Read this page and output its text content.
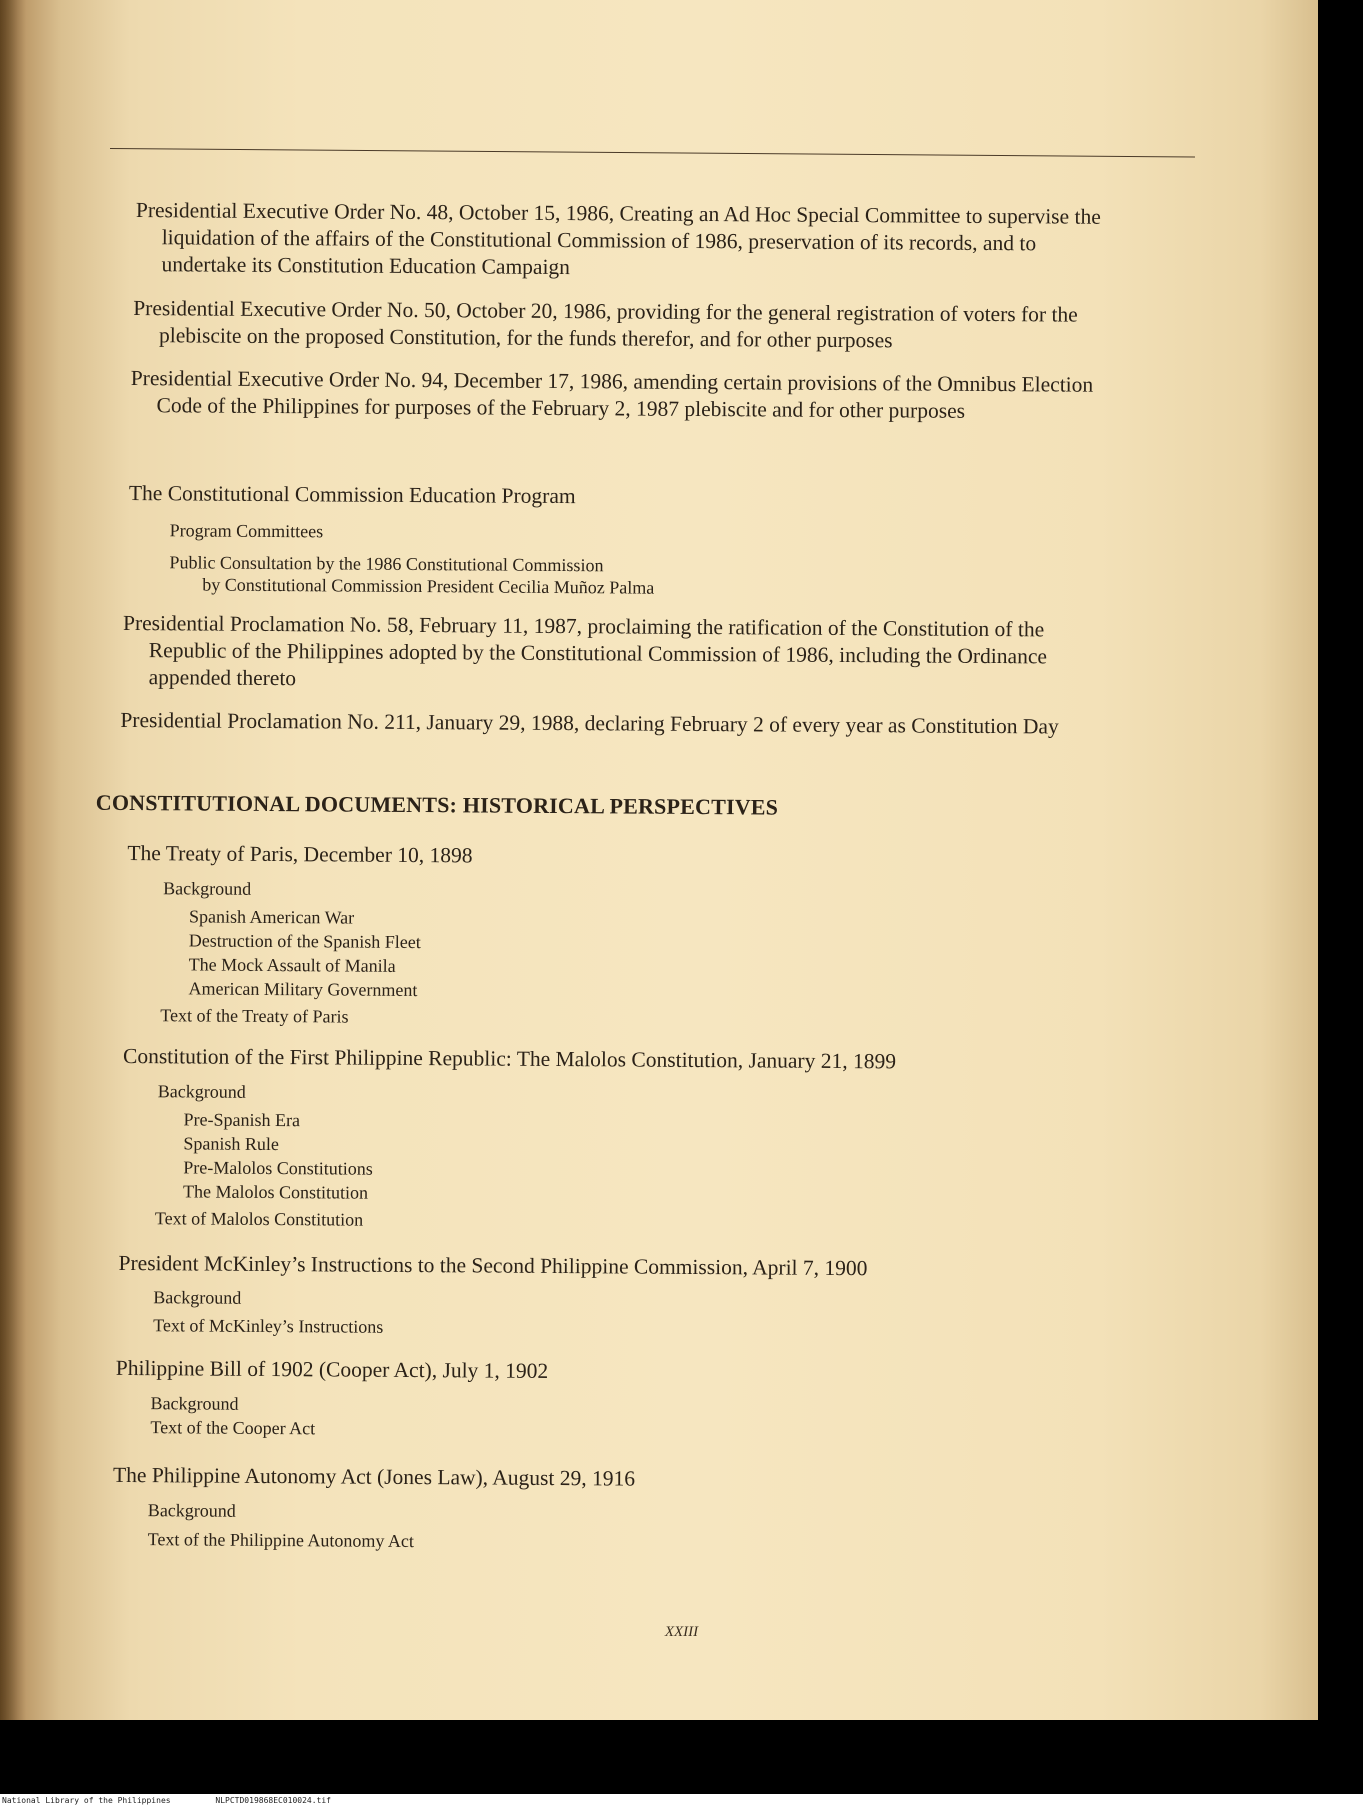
Presidential Executive Order No. 48, October 15, 1986, Creating an Ad Hoc Special Committee to supervise the liquidation of the affairs of the Constitutional Commission of 1986, preservation of its records, and to undertake its Constitution Education Campaign
Presidential Executive Order No. 50, October 20, 1986, providing for the general registration of voters for the plebiscite on the proposed Constitution, for the funds therefor, and for other purposes
Presidential Executive Order No. 94, December 17, 1986, amending certain provisions of the Omnibus Election Code of the Philippines for purposes of the February 2, 1987 plebiscite and for other purposes
The Constitutional Commission Education Program
Program Committees
Public Consultation by the 1986 Constitutional Commission
by Constitutional Commission President Cecilia Muñoz Palma
Presidential Proclamation No. 58, February 11, 1987, proclaiming the ratification of the Constitution of the Republic of the Philippines adopted by the Constitutional Commission of 1986, including the Ordinance appended thereto
Presidential Proclamation No. 211, January 29, 1988, declaring February 2 of every year as Constitution Day
CONSTITUTIONAL DOCUMENTS: HISTORICAL PERSPECTIVES
The Treaty of Paris, December 10, 1898
Background
Spanish American War
Destruction of the Spanish Fleet
The Mock Assault of Manila
American Military Government
Text of the Treaty of Paris
Constitution of the First Philippine Republic: The Malolos Constitution, January 21, 1899
Background
Pre-Spanish Era
Spanish Rule
Pre-Malolos Constitutions
The Malolos Constitution
Text of Malolos Constitution
President McKinley’s Instructions to the Second Philippine Commission, April 7, 1900
Background
Text of McKinley’s Instructions
Philippine Bill of 1902 (Cooper Act), July 1, 1902
Background
Text of the Cooper Act
The Philippine Autonomy Act (Jones Law), August 29, 1916
Background
Text of the Philippine Autonomy Act
XXIII
National Library of the Philippines	NLPCTD019868EC010024.tif
